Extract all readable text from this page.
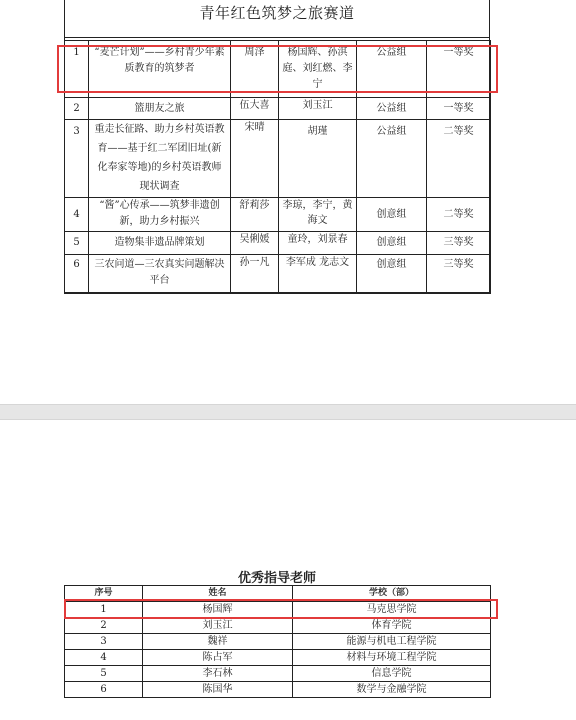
青年红色筑梦之旅赛道
1	“麦芒计划”——乡村青少年素质教育的筑梦者	周泽	杨国辉、孙淇庭、刘红燃、李宁	公益组	一等奖
2	篮朋友之旅	伍大喜	刘玉江	公益组	一等奖
3	重走长征路、助力乡村英语教育——基于红二军团旧址(新化奉家等地)的乡村英语教师现状调查	宋晴	胡瑾	公益组	二等奖
4	“酱”心传承——筑梦非遗创新，助力乡村振兴	舒莉莎	李琼，李宁，黄海文	创意组	二等奖
5	造物集非遗品牌策划	吴俐媛	童玲，刘景春	创意组	三等奖
6	三农问道—三农真实问题解决平台	孙一凡	李军成 龙志文	创意组	三等奖
优秀指导老师
序号	姓名	学校（部）
1	杨国辉	马克思学院
2	刘玉江	体育学院
3	魏祥	能源与机电工程学院
4	陈占军	材料与环境工程学院
5	李石林	信息学院
6	陈国华	数学与金融学院
